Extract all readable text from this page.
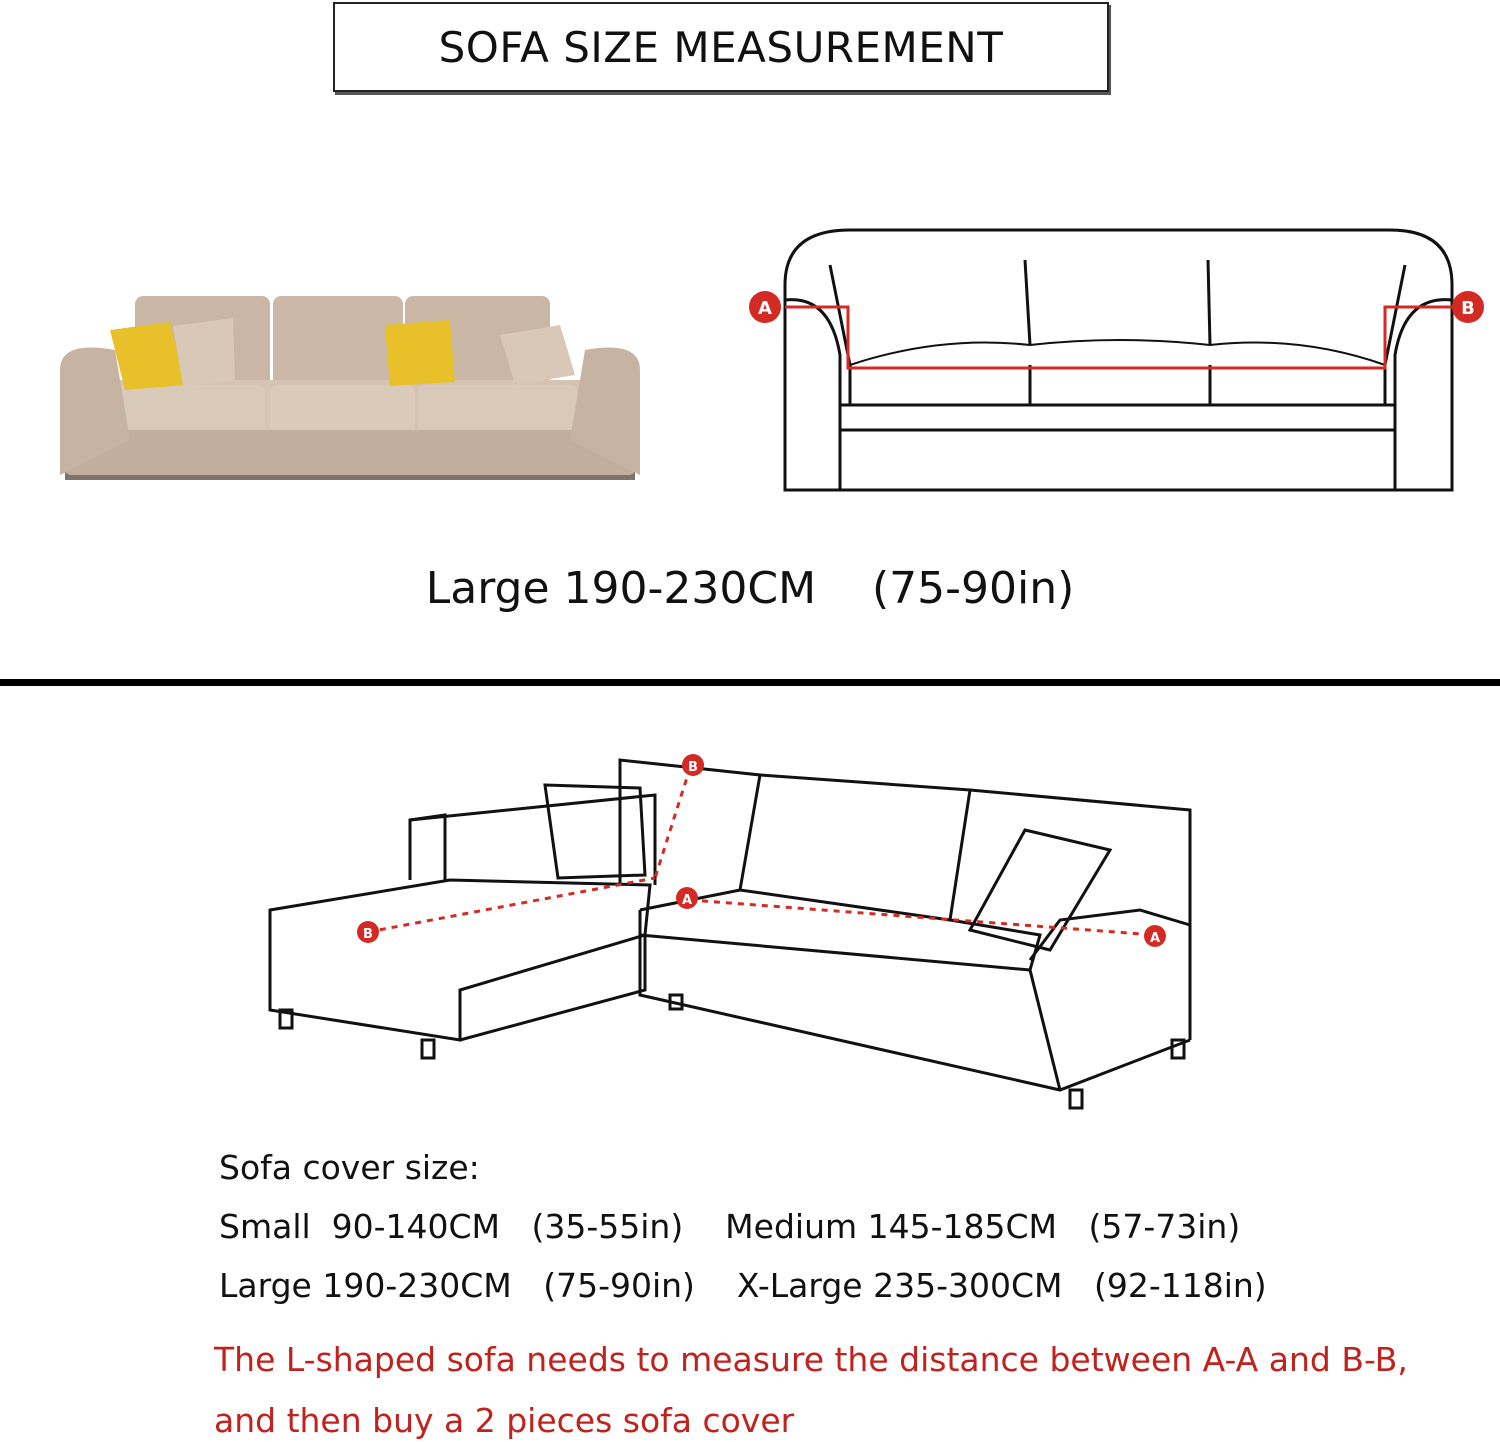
SOFA SIZE MEASUREMENT
A	B
Large 190-230CM    (75-90in)
B
B
A
A
Sofa cover size:
Small  90-140CM   (35-55in)    Medium 145-185CM   (57-73in)
Large 190-230CM   (75-90in)    X-Large 235-300CM   (92-118in)
The L-shaped sofa needs to measure the distance between A-A and B-B,
and then buy a 2 pieces sofa cover
